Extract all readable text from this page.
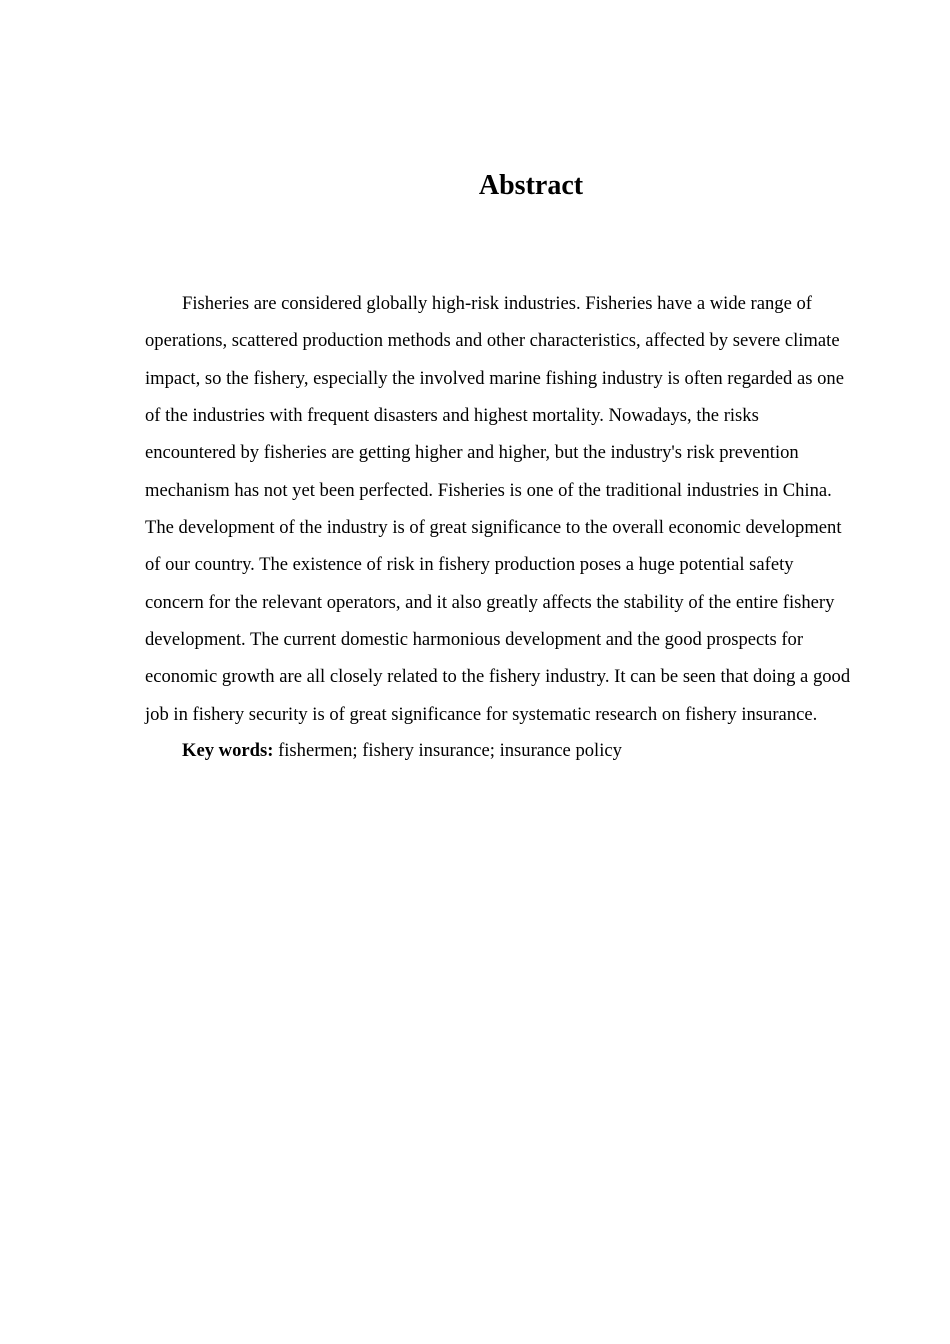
Abstract

Fisheries are considered globally high-risk industries. Fisheries have a wide range of operations, scattered production methods and other characteristics, affected by severe climate impact, so the fishery, especially the involved marine fishing industry is often regarded as one of the industries with frequent disasters and highest mortality. Nowadays, the risks encountered by fisheries are getting higher and higher, but the industry's risk prevention mechanism has not yet been perfected. Fisheries is one of the traditional industries in China. The development of the industry is of great significance to the overall economic development of our country. The existence of risk in fishery production poses a huge potential safety concern for the relevant operators, and it also greatly affects the stability of the entire fishery development. The current domestic harmonious development and the good prospects for economic growth are all closely related to the fishery industry. It can be seen that doing a good job in fishery security is of great significance for systematic research on fishery insurance.

Key words: fishermen; fishery insurance; insurance policy
